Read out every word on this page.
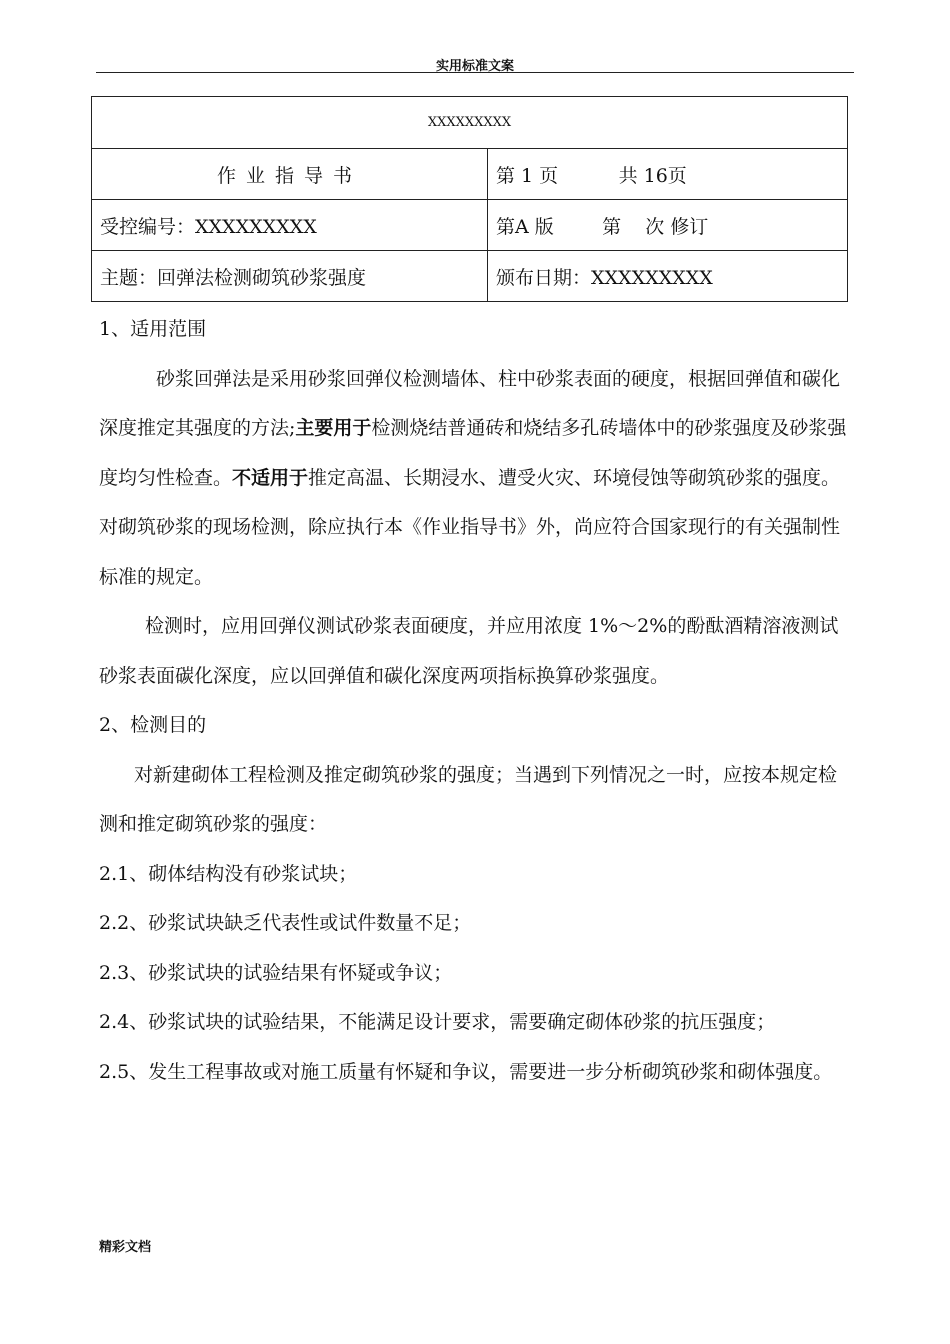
实用标准文案
XXXXXXXXX	
作业指导书	第 1 页          共 16页
受控编号：XXXXXXXXX	第A 版        第    次 修订
主题：回弹法检测砌筑砂浆强度	颁布日期：XXXXXXXXX

1、适用范围

砂浆回弹法是采用砂浆回弹仪检测墙体、柱中砂浆表面的硬度，根据回弹值和碳化深度推定其强度的方法;主要用于检测烧结普通砖和烧结多孔砖墙体中的砂浆强度及砂浆强度均匀性检查。不适用于推定高温、长期浸水、遭受火灾、环境侵蚀等砌筑砂浆的强度。对砌筑砂浆的现场检测，除应执行本《作业指导书》外，尚应符合国家现行的有关强制性标准的规定。

检测时，应用回弹仪测试砂浆表面硬度，并应用浓度 1%～2%的酚酞酒精溶液测试砂浆表面碳化深度，应以回弹值和碳化深度两项指标换算砂浆强度。

2、检测目的

对新建砌体工程检测及推定砌筑砂浆的强度；当遇到下列情况之一时，应按本规定检测和推定砌筑砂浆的强度：

2.1、砌体结构没有砂浆试块；

2.2、砂浆试块缺乏代表性或试件数量不足；

2.3、砂浆试块的试验结果有怀疑或争议；

2.4、砂浆试块的试验结果，不能满足设计要求，需要确定砌体砂浆的抗压强度；

2.5、发生工程事故或对施工质量有怀疑和争议，需要进一步分析砌筑砂浆和砌体强度。

精彩文档
